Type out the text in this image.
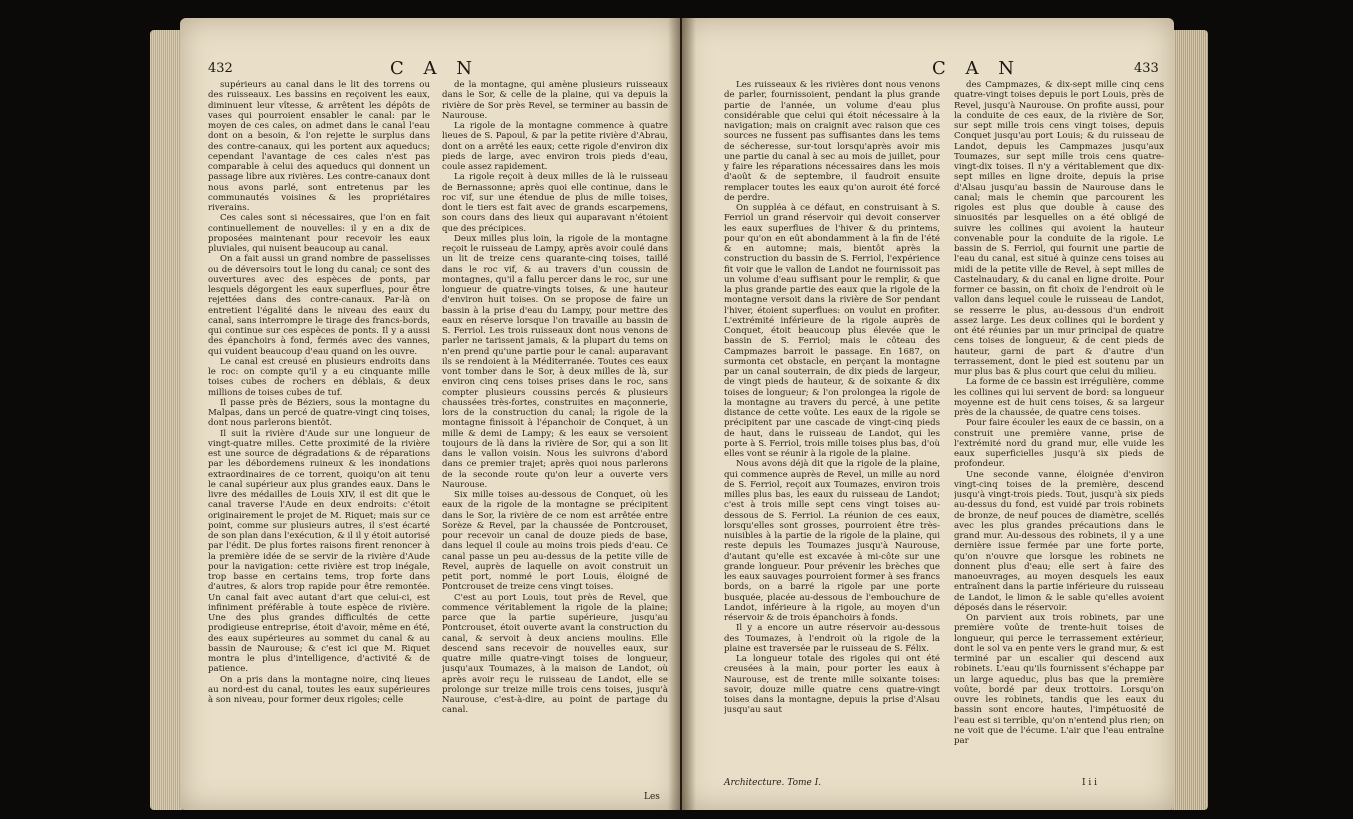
432	C A N

supérieurs au canal dans le lit des torrens ou des ruisseaux. Les bassins en reçoivent les eaux, diminuent leur vîtesse, & arrêtent les dépôts de vases qui pourroient ensabler le canal: par le moyen de ces cales, on admet dans le canal l'eau dont on a besoin, & l'on rejette le surplus dans des contre-canaux, qui les portent aux aqueducs; cependant l'avantage de ces cales n'est pas comparable à celui des aqueducs qui donnent un passage libre aux rivières. Les contre-canaux dont nous avons parlé, sont entretenus par les communautés voisines & les propriétaires riverains.

Ces cales sont si nécessaires, que l'on en fait continuellement de nouvelles: il y en a dix de proposées maintenant pour recevoir les eaux pluviales, qui nuisent beaucoup au canal.

On a fait aussi un grand nombre de passelisses ou de déversoirs tout le long du canal; ce sont des ouvertures avec des espèces de ponts, par lesquels dégorgent les eaux superflues, pour être rejettées dans des contre-canaux. Par-là on entretient l'égalité dans le niveau des eaux du canal, sans interrompre le tirage des francs-bords, qui continue sur ces espèces de ponts. Il y a aussi des épanchoirs à fond, fermés avec des vannes, qui vuident beaucoup d'eau quand on les ouvre.

Le canal est creusé en plusieurs endroits dans le roc: on compte qu'il y a eu cinquante mille toises cubes de rochers en déblais, & deux millions de toises cubes de tuf.

Il passe près de Béziers, sous la montagne du Malpas, dans un percé de quatre-vingt cinq toises, dont nous parlerons bientôt.

Il suit la rivière d'Aude sur une longueur de vingt-quatre milles. Cette proximité de la rivière est une source de dégradations & de réparations par les débordemens ruineux & les inondations extraordinaires de ce torrent, quoiqu'on ait tenu le canal supérieur aux plus grandes eaux. Dans le livre des médailles de Louis XIV, il est dit que le canal traverse l'Aude en deux endroits: c'étoit originairement le projet de M. Riquet; mais sur ce point, comme sur plusieurs autres, il s'est écarté de son plan dans l'exécution, & il il y étoit autorisé par l'édit. De plus fortes raisons firent renoncer à la première idée de se servir de la rivière d'Aude pour la navigation: cette rivière est trop inégale, trop basse en certains tems, trop forte dans d'autres, & alors trop rapide pour être remontée. Un canal fait avec autant d'art que celui-ci, est infiniment préférable à toute espèce de rivière. Une des plus grandes difficultés de cette prodigieuse entreprise, étoit d'avoir, même en été, des eaux supérieures au sommet du canal & au bassin de Naurouse; & c'est ici que M. Riquet montra le plus d'intelligence, d'activité & de patience.

On a pris dans la montagne noire, cinq lieues au nord-est du canal, toutes les eaux supérieures à son niveau, pour former deux rigoles; celle

de la montagne, qui amène plusieurs ruisseaux dans le Sor, & celle de la plaine, qui va depuis la rivière de Sor près Revel, se terminer au bassin de Naurouse.

La rigole de la montagne commence à quatre lieues de S. Papoul, & par la petite rivière d'Abrau, dont on a arrêté les eaux; cette rigole d'environ dix pieds de large, avec environ trois pieds d'eau, coule assez rapidement.

La rigole reçoit à deux milles de là le ruisseau de Bernassonne; après quoi elle continue, dans le roc vif, sur une étendue de plus de mille toises, dont le tiers est fait avec de grands escarpemens, son cours dans des lieux qui auparavant n'étoient que des précipices.

Deux milles plus loin, la rigole de la montagne reçoit le ruisseau de Lampy, après avoir coulé dans un lit de treize cens quarante-cinq toises, taillé dans le roc vif, & au travers d'un coussin de montagnes, qu'il a fallu percer dans le roc, sur une longueur de quatre-vingts toises, & une hauteur d'environ huit toises. On se propose de faire un bassin à la prise d'eau du Lampy, pour mettre des eaux en réserve lorsque l'on travaille au bassin de S. Ferriol. Les trois ruisseaux dont nous venons de parler ne tarissent jamais, & la plupart du tems on n'en prend qu'une partie pour le canal: auparavant ils se rendoient à la Méditerranée. Toutes ces eaux vont tomber dans le Sor, à deux milles de là, sur environ cinq cens toises prises dans le roc, sans compter plusieurs coussins percés & plusieurs chaussées très-fortes, construites en maçonnerie, lors de la construction du canal; la rigole de la montagne finissoit à l'épanchoir de Conquet, à un mille & demi de Lampy; & les eaux se versoient toujours de là dans la rivière de Sor, qui a son lit dans le vallon voisin. Nous les suivrons d'abord dans ce premier trajet; après quoi nous parlerons de la seconde route qu'on leur a ouverte vers Naurouse.

Six mille toises au-dessous de Conquet, où les eaux de la rigole de la montagne se précipitent dans le Sor, la rivière de ce nom est arrêtée entre Sorèze & Revel, par la chaussée de Pontcrouset, pour recevoir un canal de douze pieds de base, dans lequel il coule au moins trois pieds d'eau. Ce canal passe un peu au-dessus de la petite ville de Revel, auprès de laquelle on avoit construit un petit port, nommé le port Louis, éloigné de Pontcrouset de treize cens vingt toises.

C'est au port Louis, tout près de Revel, que commence véritablement la rigole de la plaine; parce que la partie supérieure, jusqu'au Pontcrouset, étoit ouverte avant la construction du canal, & servoit à deux anciens moulins. Elle descend sans recevoir de nouvelles eaux, sur quatre mille quatre-vingt toises de longueur, jusqu'aux Toumazes, à la maison de Landot, où après avoir reçu le ruisseau de Landot, elle se prolonge sur treize mille trois cens toises, jusqu'à Naurouse, c'est-à-dire, au point de partage du canal.

Les
C A N	433

Les ruisseaux & les rivières dont nous venons de parler, fournissoient, pendant la plus grande partie de l'année, un volume d'eau plus considérable que celui qui étoit nécessaire à la navigation; mais on craignit avec raison que ces sources ne fussent pas suffisantes dans les tems de sécheresse, sur-tout lorsqu'après avoir mis une partie du canal à sec au mois de juillet, pour y faire les réparations nécessaires dans les mois d'août & de septembre, il faudroit ensuite remplacer toutes les eaux qu'on auroit été forcé de perdre.

On suppléa à ce défaut, en construisant à S. Ferriol un grand réservoir qui devoit conserver les eaux superflues de l'hiver & du printems, pour qu'on en eût abondamment à la fin de l'été & en automne; mais, bientôt après la construction du bassin de S. Ferriol, l'expérience fit voir que le vallon de Landot ne fournissoit pas un volume d'eau suffisant pour le remplir, & que la plus grande partie des eaux que la rigole de la montagne versoit dans la rivière de Sor pendant l'hiver, étoient superflues: on voulut en profiter. L'extrémité inférieure de la rigole auprès de Conquet, étoit beaucoup plus élevée que le bassin de S. Ferriol; mais le côteau des Campmazes barroit le passage. En 1687, on surmonta cet obstacle, en perçant la montagne par un canal souterrain, de dix pieds de largeur, de vingt pieds de hauteur, & de soixante & dix toises de longueur; & l'on prolongea la rigole de la montagne au travers du percé, à une petite distance de cette voûte. Les eaux de la rigole se précipitent par une cascade de vingt-cinq pieds de haut, dans le ruisseau de Landot, qui les porte à S. Ferriol, trois mille toises plus bas, d'où elles vont se réunir à la rigole de la plaine.

Nous avons déjà dit que la rigole de la plaine, qui commence auprès de Revel, un mille au nord de S. Ferriol, reçoit aux Toumazes, environ trois milles plus bas, les eaux du ruisseau de Landot; c'est à trois mille sept cens vingt toises au-dessous de S. Ferriol. La réunion de ces eaux, lorsqu'elles sont grosses, pourroient être très-nuisibles à la partie de la rigole de la plaine, qui reste depuis les Toumazes jusqu'à Naurouse, d'autant qu'elle est excavée à mi-côte sur une grande longueur. Pour prévenir les brèches que les eaux sauvages pourroient former à ses francs bords, on a barré la rigole par une porte busquée, placée au-dessous de l'embouchure de Landot, inférieure à la rigole, au moyen d'un réservoir & de trois épanchoirs à fonds.

Il y a encore un autre réservoir au-dessous des Toumazes, à l'endroit où la rigole de la plaine est traversée par le ruisseau de S. Félix.

La longueur totale des rigoles qui ont été creusées à la main, pour porter les eaux à Naurouse, est de trente mille soixante toises: savoir, douze mille quatre cens quatre-vingt toises dans la montagne, depuis la prise d'Alsau jusqu'au saut

des Campmazes, & dix-sept mille cinq cens quatre-vingt toises depuis le port Louis, près de Revel, jusqu'à Naurouse. On profite aussi, pour la conduite de ces eaux, de la rivière de Sor, sur sept mille trois cens vingt toises, depuis Conquet jusqu'au port Louis; & du ruisseau de Landot, depuis les Campmazes jusqu'aux Toumazes, sur sept mille trois cens quatre-vingt-dix toises. Il n'y a véritablement que dix-sept milles en ligne droite, depuis la prise d'Alsau jusqu'au bassin de Naurouse dans le canal; mais le chemin que parcourent les rigoles est plus que double à cause des sinuosités par lesquelles on a été obligé de suivre les collines qui avoient la hauteur convenable pour la conduite de la rigole. Le bassin de S. Ferriol, qui fournit une partie de l'eau du canal, est situé à quinze cens toises au midi de la petite ville de Revel, à sept milles de Castelnaudary, & du canal en ligne droite. Pour former ce bassin, on fit choix de l'endroit où le vallon dans lequel coule le ruisseau de Landot, se resserre le plus, au-dessous d'un endroit assez large. Les deux collines qui le bordent y ont été réunies par un mur principal de quatre cens toises de longueur, & de cent pieds de hauteur, garni de part & d'autre d'un terrassement, dont le pied est soutenu par un mur plus bas & plus court que celui du milieu.

La forme de ce bassin est irrégulière, comme les collines qui lui servent de bord: sa longueur moyenne est de huit cens toises, & sa largeur près de la chaussée, de quatre cens toises.

Pour faire écouler les eaux de ce bassin, on a construit une première vanne, prise de l'extrémité nord du grand mur, elle vuide les eaux superficielles jusqu'à six pieds de profondeur.

Une seconde vanne, éloignée d'environ vingt-cinq toises de la première, descend jusqu'à vingt-trois pieds. Tout, jusqu'à six pieds au-dessus du fond, est vuidé par trois robinets de bronze, de neuf pouces de diamètre, scellés avec les plus grandes précautions dans le grand mur. Au-dessous des robinets, il y a une dernière issue fermée par une forte porte, qu'on n'ouvre que lorsque les robinets ne donnent plus d'eau; elle sert à faire des manoeuvrages, au moyen desquels les eaux entraînent dans la partie inférieure du ruisseau de Landot, le limon & le sable qu'elles avoient déposés dans le réservoir.

On parvient aux trois robinets, par une première voûte de trente-huit toises de longueur, qui perce le terrassement extérieur, dont le sol va en pente vers le grand mur, & est terminé par un escalier qui descend aux robinets. L'eau qu'ils fournissent s'échappe par un large aqueduc, plus bas que la première voûte, bordé par deux trottoirs. Lorsqu'on ouvre les robinets, tandis que les eaux du bassin sont encore hautes, l'impétuosité de l'eau est si terrible, qu'on n'entend plus rien; on ne voit que de l'écume. L'air que l'eau entraîne par

Architecture. Tome I.	I i i
